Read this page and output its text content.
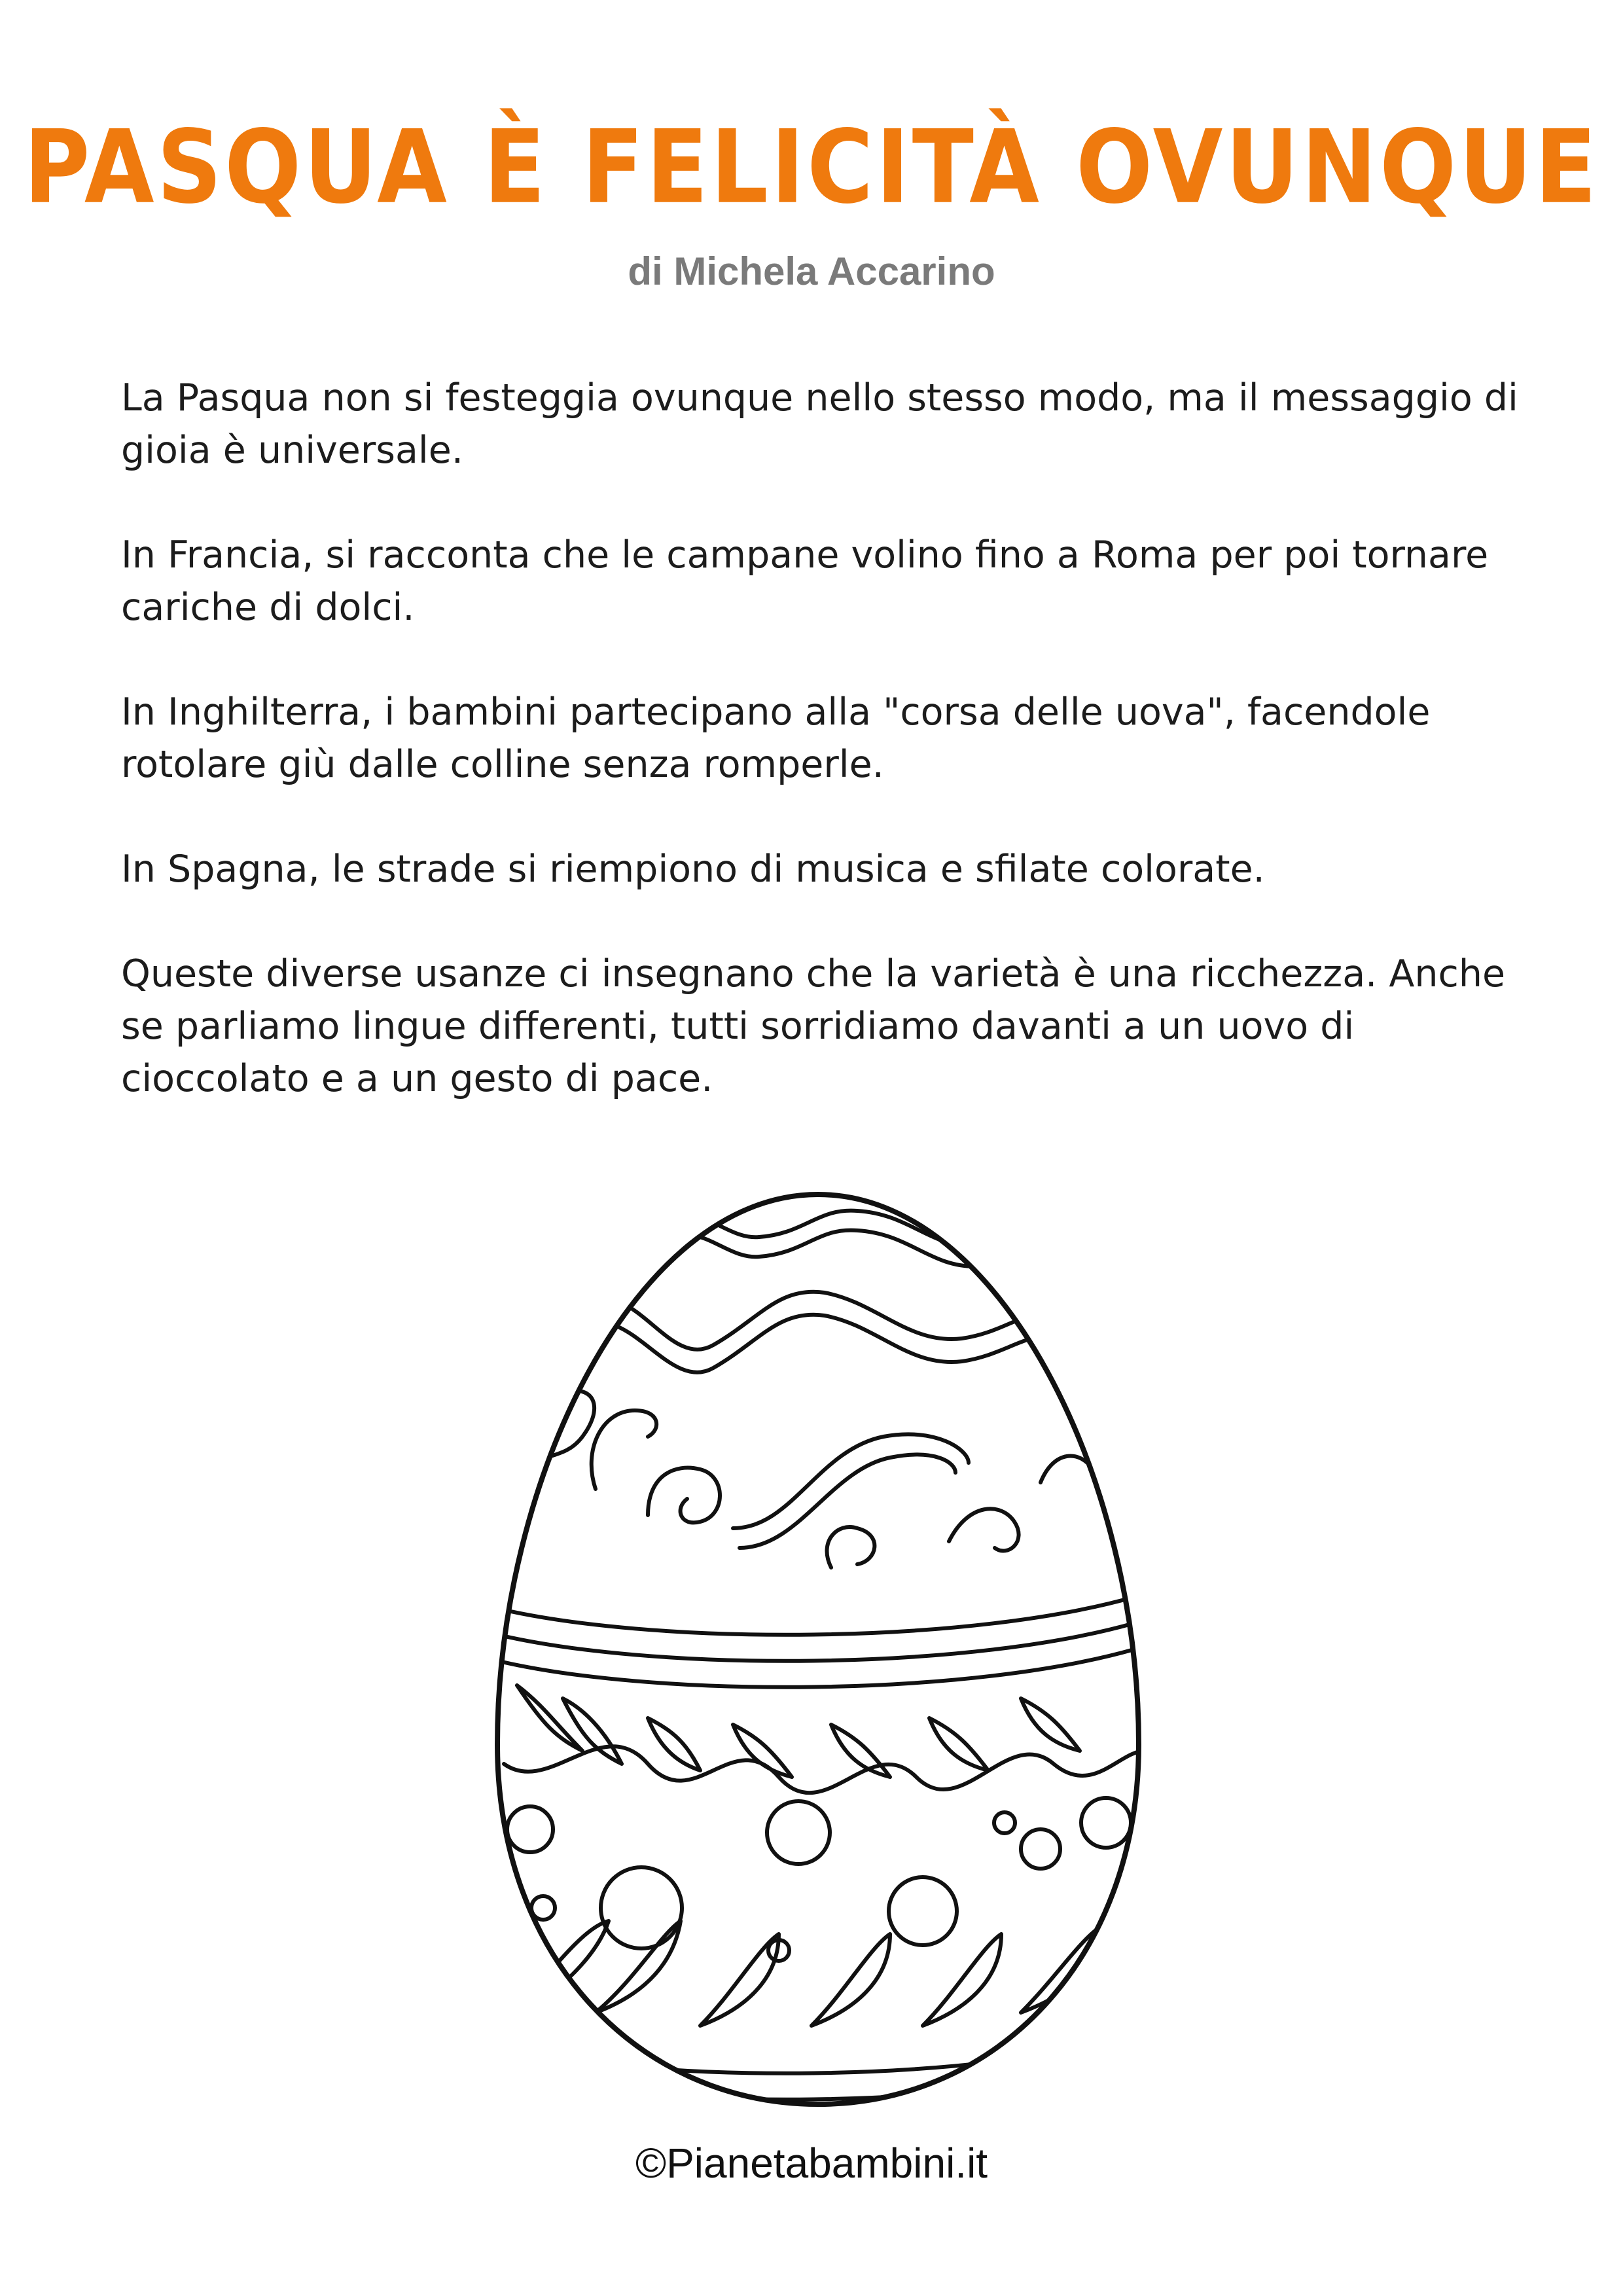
PASQUA È FELICITÀ OVUNQUE
di Michela Accarino

La Pasqua non si festeggia ovunque nello stesso modo, ma il messaggio di gioia è universale.

In Francia, si racconta che le campane volino fino a Roma per poi tornare cariche di dolci.

In Inghilterra, i bambini partecipano alla "corsa delle uova", facendole rotolare giù dalle colline senza romperle.

In Spagna, le strade si riempiono di musica e sfilate colorate.

Queste diverse usanze ci insegnano che la varietà è una ricchezza. Anche se parliamo lingue differenti, tutti sorridiamo davanti a un uovo di cioccolato e a un gesto di pace.

©Pianetabambini.it
